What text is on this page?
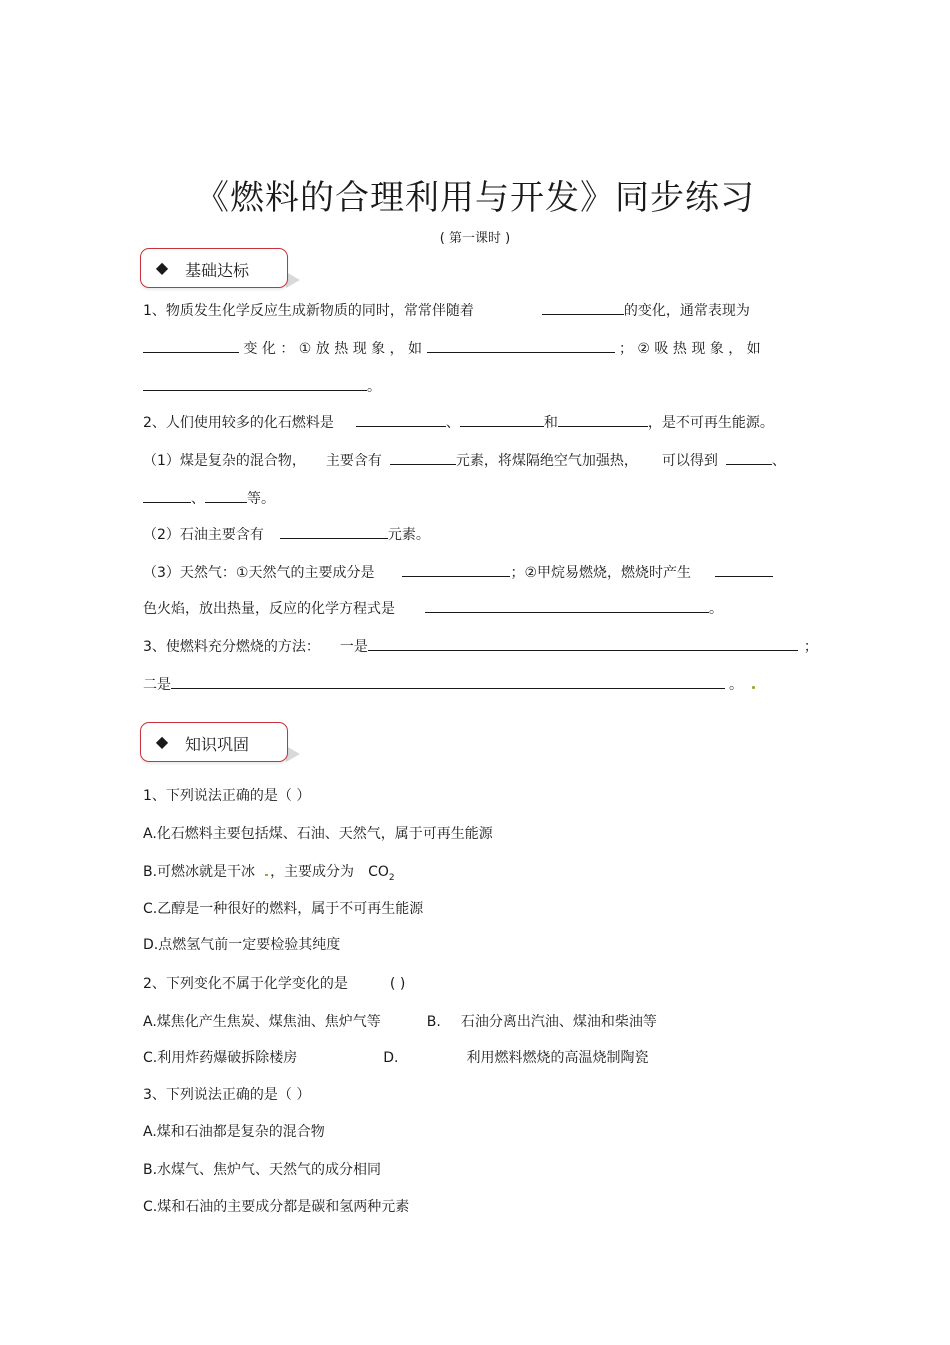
《燃料的合理利用与开发》同步练习
( 第一课时 )
◆ 基础达标
1、物质发生化学反应生成新物质的同时，常常伴随着	的变化，通常表现为
变 化 ： ① 放 热 现 象 ， 如	； ② 吸 热 现 象 ， 如
。
2、人们使用较多的化石燃料是	、	和	，是不可再生能源。
（1）煤是复杂的混合物， 主要含有	元素，将煤隔绝空气加强热， 可以得到	、
、	等。
（2）石油主要含有	元素。
（3）天然气：①天然气的主要成分是	；②甲烷易燃烧，燃烧时产生
色火焰，放出热量，反应的化学方程式是	。
3、使燃料充分燃烧的方法： 一是	；
二是	。
◆ 知识巩固
1、下列说法正确的是（ ）
A.化石燃料主要包括煤、石油、天然气，属于可再生能源
B.可燃冰就是干冰 ，主要成分为 $CO_2$
C.乙醇是一种很好的燃料，属于不可再生能源
D.点燃氢气前一定要检验其纯度
2、下列变化不属于化学变化的是	( )
A.煤焦化产生焦炭、煤焦油、焦炉气等	B. 石油分离出汽油、煤油和柴油等
C.利用炸药爆破拆除楼房	D.	利用燃料燃烧的高温烧制陶瓷
3、下列说法正确的是（ ）
A.煤和石油都是复杂的混合物
B.水煤气、焦炉气、天然气的成分相同
C.煤和石油的主要成分都是碳和氢两种元素
